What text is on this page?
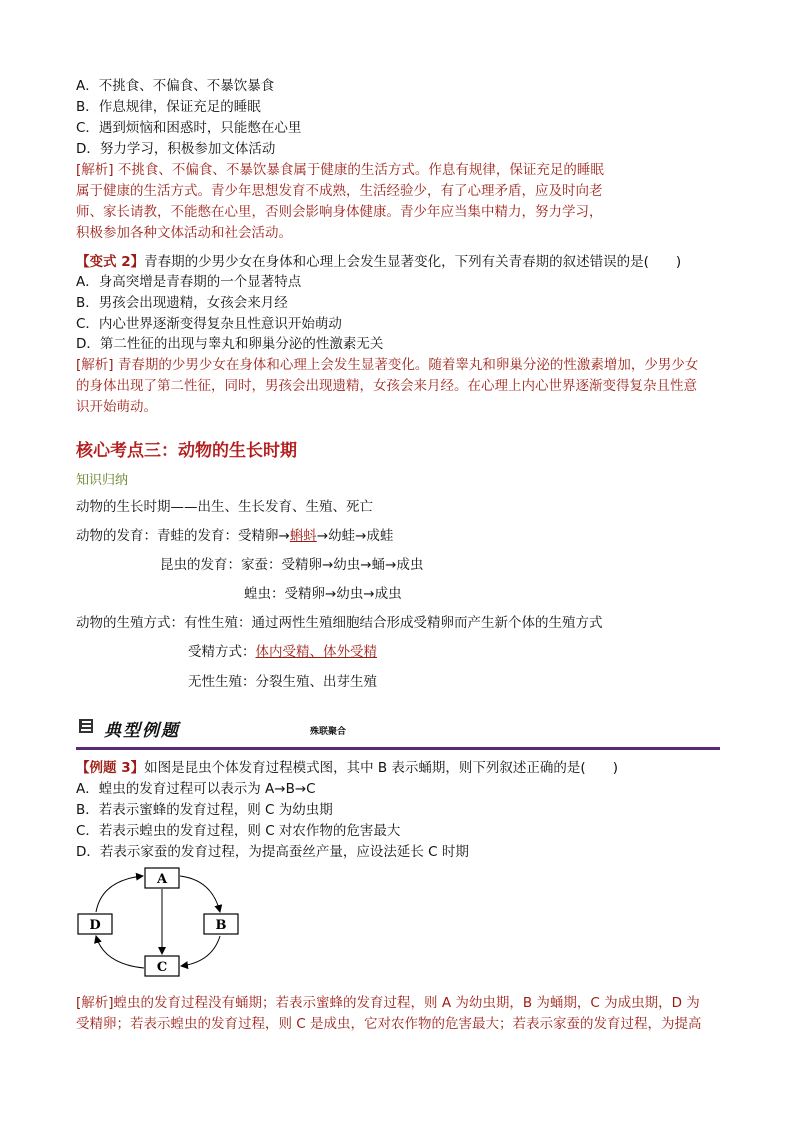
A．不挑食、不偏食、不暴饮暴食
B．作息规律，保证充足的睡眠
C．遇到烦恼和困惑时，只能憋在心里
D．努力学习，积极参加文体活动
[解析] 不挑食、不偏食、不暴饮暴食属于健康的生活方式。作息有规律，保证充足的睡眠
属于健康的生活方式。青少年思想发育不成熟，生活经验少，有了心理矛盾，应及时向老
师、家长请教，不能憋在心里，否则会影响身体健康。青少年应当集中精力，努力学习，
积极参加各种文体活动和社会活动。
【变式 2】青春期的少男少女在身体和心理上会发生显著变化，下列有关青春期的叙述错误的是(　　)
A．身高突增是青春期的一个显著特点
B．男孩会出现遗精，女孩会来月经
C．内心世界逐渐变得复杂且性意识开始萌动
D．第二性征的出现与睾丸和卵巢分泌的性激素无关
[解析] 青春期的少男少女在身体和心理上会发生显著变化。随着睾丸和卵巢分泌的性激素增加，少男少女
的身体出现了第二性征，同时，男孩会出现遗精，女孩会来月经。在心理上内心世界逐渐变得复杂且性意
识开始萌动。
核心考点三：动物的生长时期
知识归纳
动物的生长时期——出生、生长发育、生殖、死亡
动物的发育：青蛙的发育：受精卵→蝌蚪→幼蛙→成蛙
昆虫的发育：家蚕：受精卵→幼虫→蛹→成虫
蝗虫：受精卵→幼虫→成虫
动物的生殖方式：有性生殖：通过两性生殖细胞结合形成受精卵而产生新个体的生殖方式
受精方式：体内受精、体外受精
无性生殖：分裂生殖、出芽生殖
典型例题	殊联聚合
【例题 3】如图是昆虫个体发育过程模式图，其中 B 表示蛹期，则下列叙述正确的是(　　)
A．蝗虫的发育过程可以表示为 A→B→C
B．若表示蜜蜂的发育过程，则 C 为幼虫期
C．若表示蝗虫的发育过程，则 C 对农作物的危害最大
D．若表示家蚕的发育过程，为提高蚕丝产量，应设法延长 C 时期
A
B
C
D
[解析]蝗虫的发育过程没有蛹期；若表示蜜蜂的发育过程，则 A 为幼虫期，B 为蛹期，C 为成虫期，D 为
受精卵；若表示蝗虫的发育过程，则 C 是成虫，它对农作物的危害最大；若表示家蚕的发育过程，为提高
